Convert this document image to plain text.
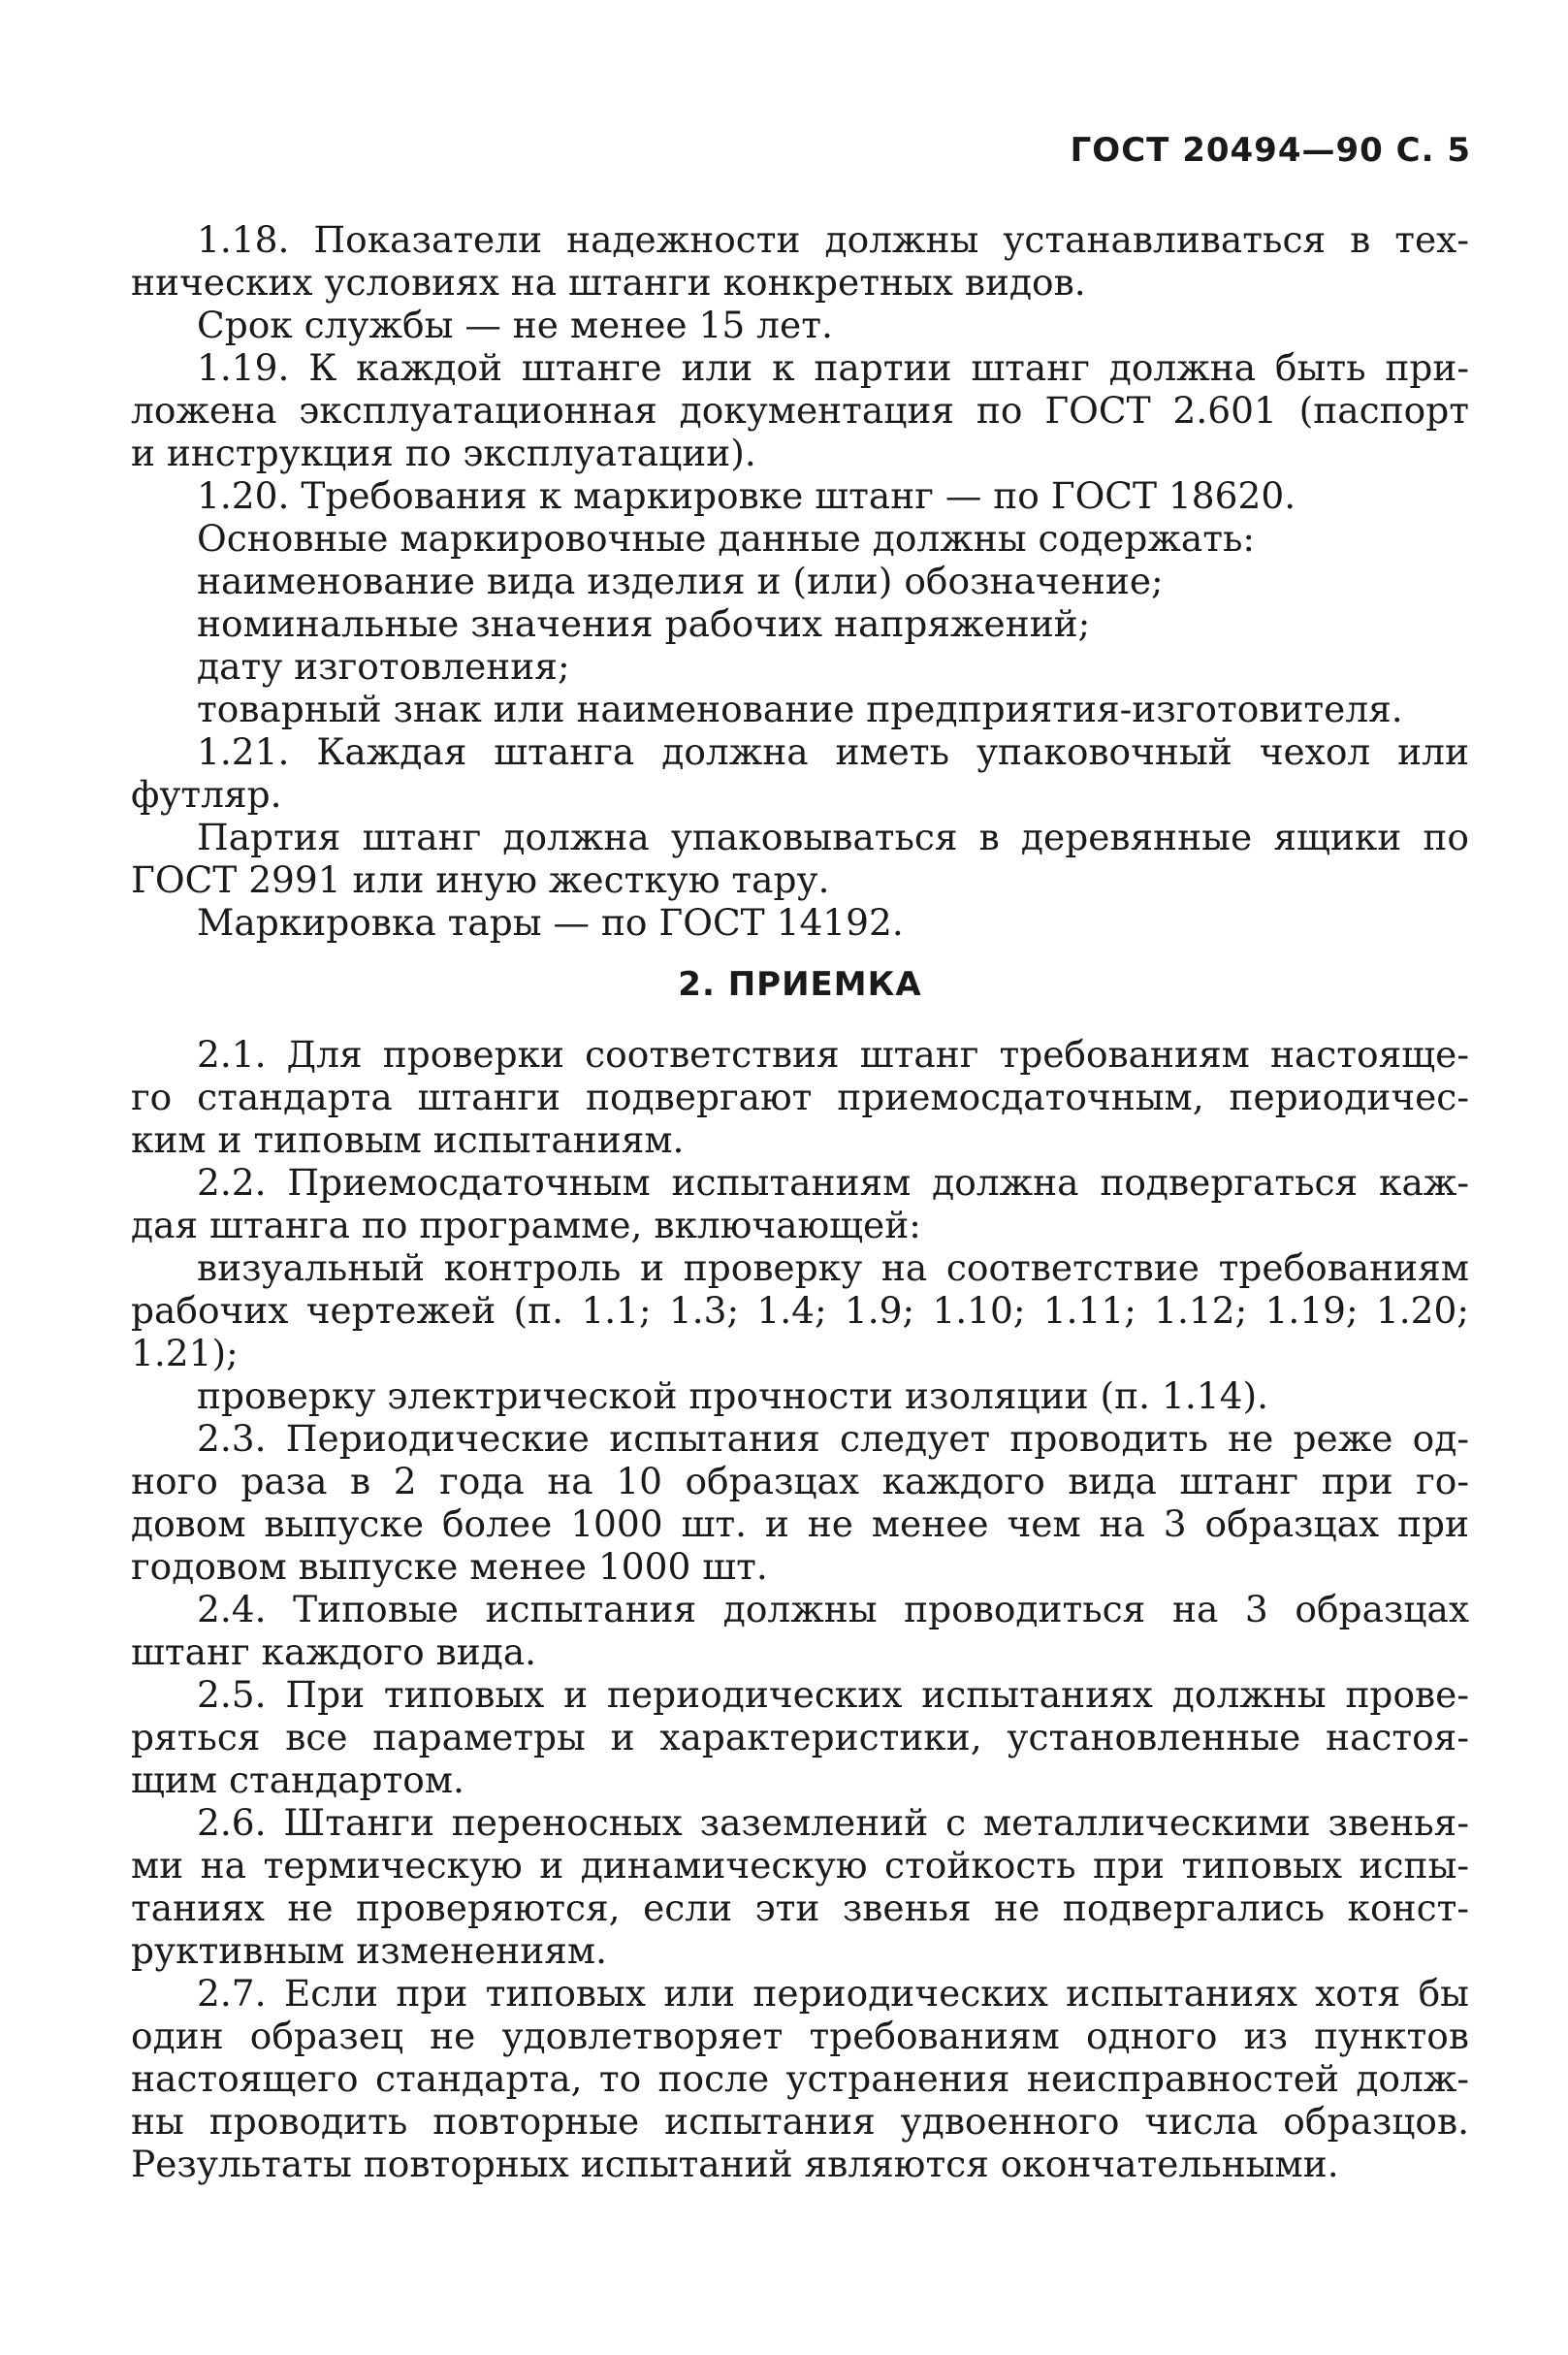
ГОСТ 20494—90 С. 5
1.18. Показатели надежности должны устанавливаться в тех-
нических условиях на штанги конкретных видов.
Срок службы — не менее 15 лет.
1.19. К каждой штанге или к партии штанг должна быть при-
ложена эксплуатационная документация по ГОСТ 2.601 (паспорт
и инструкция по эксплуатации).
1.20. Требования к маркировке штанг — по ГОСТ 18620.
Основные маркировочные данные должны содержать:
наименование вида изделия и (или) обозначение;
номинальные значения рабочих напряжений;
дату изготовления;
товарный знак или наименование предприятия-изготовителя.
1.21. Каждая штанга должна иметь упаковочный чехол или
футляр.
Партия штанг должна упаковываться в деревянные ящики по
ГОСТ 2991 или иную жесткую тару.
Маркировка тары — по ГОСТ 14192.
2. ПРИЕМКА
2.1. Для проверки соответствия штанг требованиям настояще-
го стандарта штанги подвергают приемосдаточным, периодичес-
ким и типовым испытаниям.
2.2. Приемосдаточным испытаниям должна подвергаться каж-
дая штанга по программе, включающей:
визуальный контроль и проверку на соответствие требованиям
рабочих чертежей (п. 1.1; 1.3; 1.4; 1.9; 1.10; 1.11; 1.12; 1.19; 1.20;
1.21);
проверку электрической прочности изоляции (п. 1.14).
2.3. Периодические испытания следует проводить не реже од-
ного раза в 2 года на 10 образцах каждого вида штанг при го-
довом выпуске более 1000 шт. и не менее чем на 3 образцах при
годовом выпуске менее 1000 шт.
2.4. Типовые испытания должны проводиться на 3 образцах
штанг каждого вида.
2.5. При типовых и периодических испытаниях должны прове-
ряться все параметры и характеристики, установленные настоя-
щим стандартом.
2.6. Штанги переносных заземлений с металлическими звенья-
ми на термическую и динамическую стойкость при типовых испы-
таниях не проверяются, если эти звенья не подвергались конст-
руктивным изменениям.
2.7. Если при типовых или периодических испытаниях хотя бы
один образец не удовлетворяет требованиям одного из пунктов
настоящего стандарта, то после устранения неисправностей долж-
ны проводить повторные испытания удвоенного числа образцов.
Результаты повторных испытаний являются окончательными.
